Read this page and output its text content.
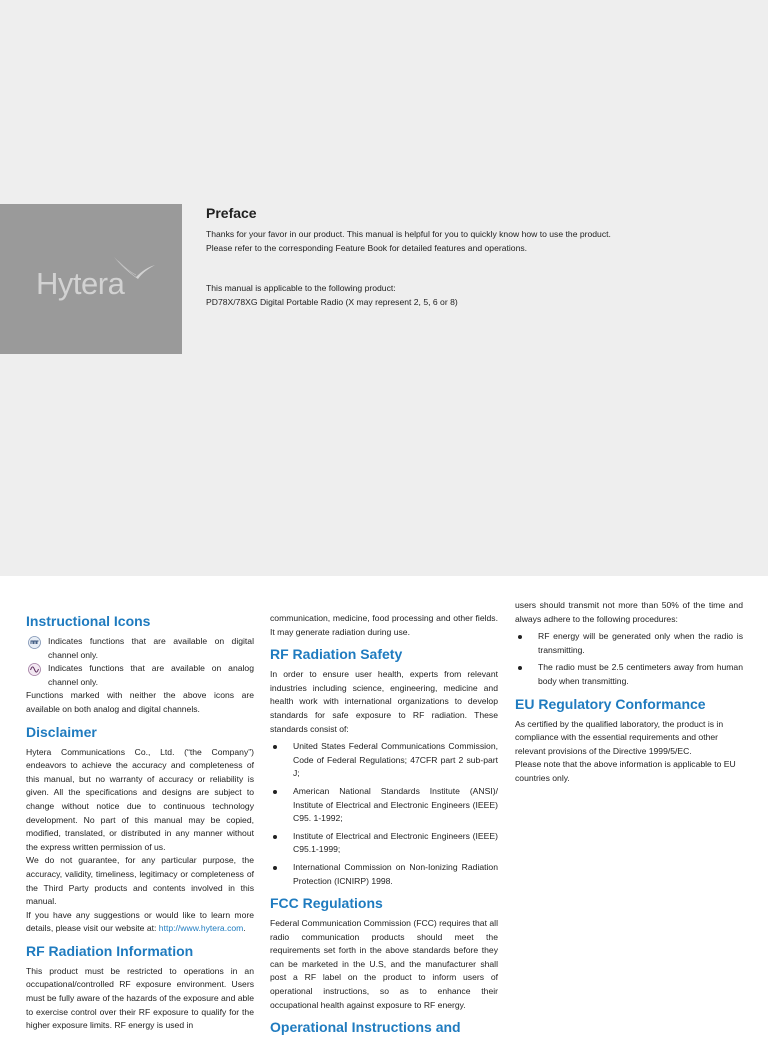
Hytera
Preface

Thanks for your favor in our product. This manual is helpful for you to quickly know how to use the product. Please refer to the corresponding Feature Book for detailed features and operations.

This manual is applicable to the following product:

PD78X/78XG Digital Portable Radio (X may represent 2, 5, 6 or 8)

Instructional Icons

Indicates functions that are available on digital channel only.

Indicates functions that are available on analog channel only.

Functions marked with neither the above icons are available on both analog and digital channels.

Disclaimer

Hytera Communications Co., Ltd. (“the Company”) endeavors to achieve the accuracy and completeness of this manual, but no warranty of accuracy or reliability is given. All the specifications and designs are subject to change without notice due to continuous technology development. No part of this manual may be copied, modified, translated, or distributed in any manner without the express written permission of us.

We do not guarantee, for any particular purpose, the accuracy, validity, timeliness, legitimacy or completeness of the Third Party products and contents involved in this manual.

If you have any suggestions or would like to learn more details, please visit our website at: http://www.hytera.com.

RF Radiation Information

This product must be restricted to operations in an occupational/controlled RF exposure environment. Users must be fully aware of the hazards of the exposure and able to exercise control over their RF exposure to qualify for the higher exposure limits. RF energy is used in

communication, medicine, food processing and other fields. It may generate radiation during use.

RF Radiation Safety

In order to ensure user health, experts from relevant industries including science, engineering, medicine and health work with international organizations to develop standards for safe exposure to RF radiation. These standards consist of:

United States Federal Communications Commission, Code of Federal Regulations; 47CFR part 2 sub-part J;
American National Standards Institute (ANSI)/ Institute of Electrical and Electronic Engineers (IEEE) C95. 1-1992;
Institute of Electrical and Electronic Engineers (IEEE) C95.1-1999;
International Commission on Non-Ionizing Radiation Protection (ICNIRP) 1998.
FCC Regulations

Federal Communication Commission (FCC) requires that all radio communication products should meet the requirements set forth in the above standards before they can be marketed in the U.S, and the manufacturer shall post a RF label on the product to inform users of operational instructions, so as to enhance their occupational health against exposure to RF energy.

Operational Instructions and

users should transmit not more than 50% of the time and always adhere to the following procedures:

RF energy will be generated only when the radio is transmitting.
The radio must be 2.5 centimeters away from human body when transmitting.
EU Regulatory Conformance

As certified by the qualified laboratory, the product is in compliance with the essential requirements and other relevant provisions of the Directive 1999/5/EC.

Please note that the above information is applicable to EU countries only.
